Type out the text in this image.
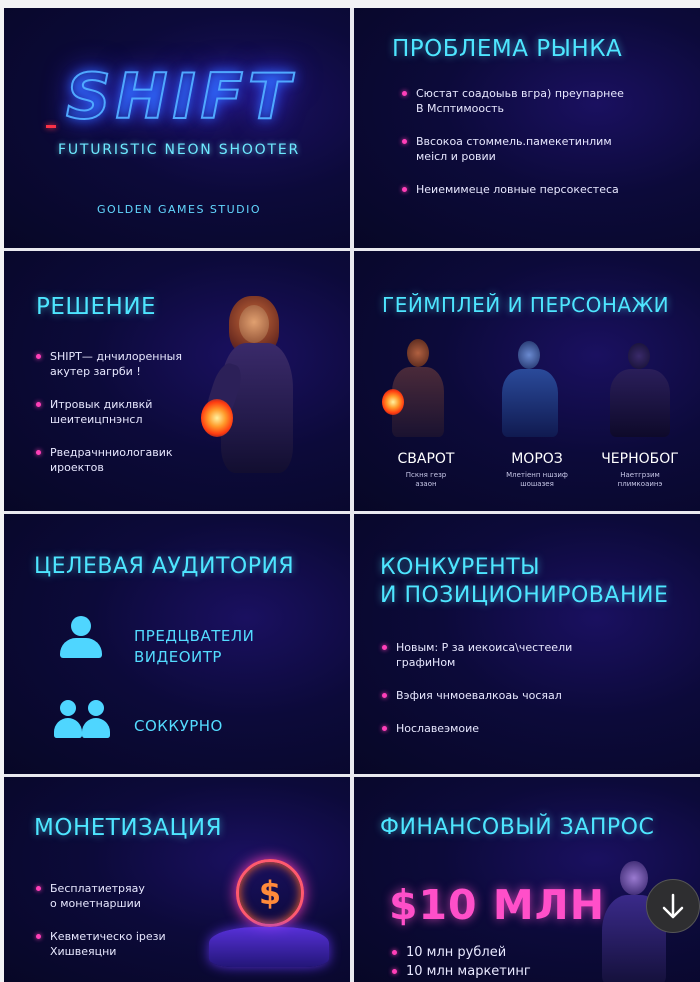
SHIFT
FUTURISTIC NEON SHOOTER
GOLDEN GAMES STUDIO
ПРОБЛЕМА РЫНКА
Сюстат соадоыьв вгра) преупарнее
В Мсптимоость
Ввсокоа стоммель.памекетинлим
меісл и ровии
Неиемимеце ловные персокестеса
РЕШЕНИЕ
SHIPT— днчилоренныя
акутер загрби !
Итровык диклвкй
шеитеицпнэнсл
Рведрачнниологавик
ироектов
ГЕЙМПЛЕЙ И ПЕРСОНАЖИ
СВАРОТ
Пскня гезр
азаон
МОРОЗ
Млетіенп ншзиф
шошазея
ЧЕРНОБОГ
Наетгрзим
плимкоаинэ
ЦЕЛЕВАЯ АУДИТОРИЯ
ПРЕДЦВАТЕЛИ
ВИДЕОИТР
СОККУРНО
КОНКУРЕНТЫ
И ПОЗИЦИОНИРОВАНИЕ
Новым: Р за иекоиса\честеели
графиНом
Вэфия чнмоевалкоаь чосяал
Нославеэмоие
МОНЕТИЗАЦИЯ
Бесплатиетряау
о монетнаршии
Кевметическо ірези
Хишвеяцни
$
ФИНАНСОВЫЙ ЗАПРОС
$10 МЛН
10 млн рублей
10 млн маркетинг
